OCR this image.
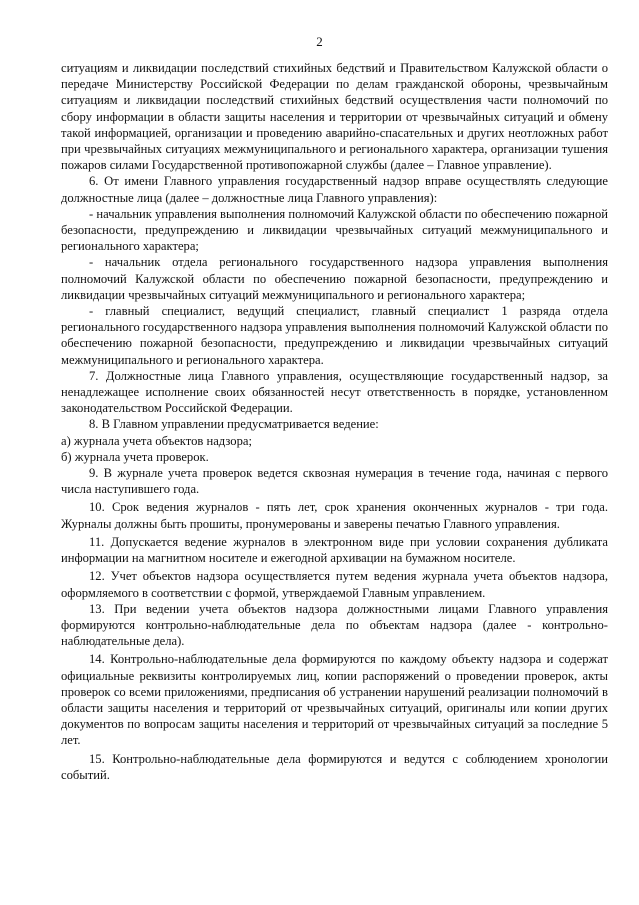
2

ситуациям и ликвидации последствий стихийных бедствий и Правительством Калужской области о передаче Министерству Российской Федерации по делам гражданской обороны, чрезвычайным ситуациям и ликвидации последствий стихийных бедствий осуществления части полномочий по сбору информации в области защиты населения и территории от чрезвычайных ситуаций и обмену такой информацией, организации и проведению аварийно-спасательных и других неотложных работ при чрезвычайных ситуациях межмуниципального и регионального характера, организации тушения пожаров силами Государственной противопожарной службы (далее – Главное управление).

6. От имени Главного управления государственный надзор вправе осуществлять следующие должностные лица (далее – должностные лица Главного управления):

- начальник управления выполнения полномочий Калужской области по обеспечению пожарной безопасности, предупреждению и ликвидации чрезвычайных ситуаций межмуниципального и регионального характера;

- начальник отдела регионального государственного надзора управления выполнения полномочий Калужской области по обеспечению пожарной безопасности, предупреждению и ликвидации чрезвычайных ситуаций межмуниципального и регионального характера;

- главный специалист, ведущий специалист, главный специалист 1 разряда отдела регионального государственного надзора управления выполнения полномочий Калужской области по обеспечению пожарной безопасности, предупреждению и ликвидации чрезвычайных ситуаций межмуниципального и регионального характера.

7. Должностные лица Главного управления, осуществляющие государственный надзор, за ненадлежащее исполнение своих обязанностей несут ответственность в порядке, установленном законодательством Российской Федерации.

8. В Главном управлении предусматривается ведение:

а) журнала учета объектов надзора;

б) журнала учета проверок.

9. В журнале учета проверок ведется сквозная нумерация в течение года, начиная с первого числа наступившего года.

10. Срок ведения журналов - пять лет, срок хранения оконченных журналов - три года. Журналы должны быть прошиты, пронумерованы и заверены печатью Главного управления.

11. Допускается ведение журналов в электронном виде при условии сохранения дубликата информации на магнитном носителе и ежегодной архивации на бумажном носителе.

12. Учет объектов надзора осуществляется путем ведения журнала учета объектов надзора, оформляемого в соответствии с формой, утверждаемой Главным управлением.

13. При ведении учета объектов надзора должностными лицами Главного управления формируются контрольно-наблюдательные дела по объектам надзора (далее - контрольно-наблюдательные дела).

14. Контрольно-наблюдательные дела формируются по каждому объекту надзора и содержат официальные реквизиты контролируемых лиц, копии распоряжений о проведении проверок, акты проверок со всеми приложениями, предписания об устранении нарушений реализации полномочий в области защиты населения и территорий от чрезвычайных ситуаций, оригиналы или копии других документов по вопросам защиты населения и территорий от чрезвычайных ситуаций за последние 5 лет.

15. Контрольно-наблюдательные дела формируются и ведутся с соблюдением хронологии событий.
